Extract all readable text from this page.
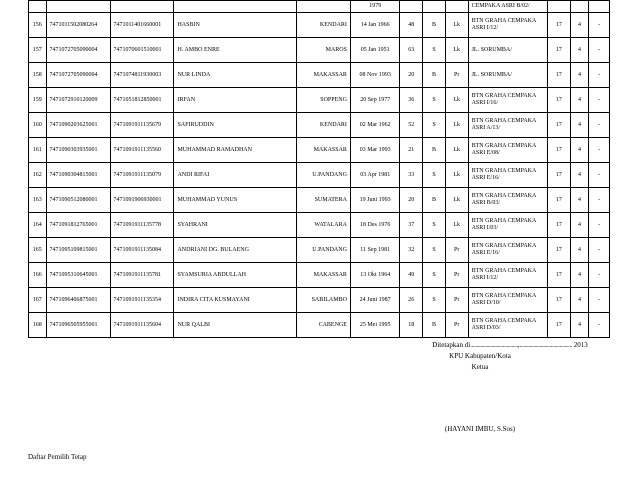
					1979				CEMPAKA ASRI B/02/			
156	7471011502080264	7471011401660001	HASBIN	KENDARI	14 Jan 1966	48	B	Lk	BTN GRAHA CEMPAKA ASRI I/12/	17	4	-
157	7471072705090004	7471070601510001	H. AMBO ENRE	MAROS	05 Jan 1951	63	S	Lk	JL. SORUMBA/	17	4	-
158	7471072705090004	7471074811930003	NUR LINDA	MAKASSAR	08 Nov 1993	20	B	Pr	JL. SORUMBA/	17	4	-
159	7471072910120009	7471051812850001	IRFAN	SOPPENG	20 Sep 1977	36	S	Lk	BTN GRAHA CEMPAKA ASRI I/16/	17	4	-
160	7471090203625001	7471091911135679	SAFIRUDDIN	KENDARI	02 Mar 1962	52	S	Lk	BTN GRAHA CEMPAKA ASRI A/13/	17	4	-
161	7471090303935001	7471091911135560	MUHAMMAD RAMADHAN	MAKASSAR	03 Mar 1993	21	B	Lk	BTN GRAHA CEMPAKA ASRI E/08/	17	4	-
162	7471090304815001	7471091911135079	ANDI RIFAI	U.PANDANG	03 Apr 1981	33	S	Lk	BTN GRAHA CEMPAKA ASRI E/16/	17	4	-
163	7471090512080001	7471091906930001	MUHAMMAD YUNUS	SUMATERA	19 Juni 1993	20	B	Lk	BTN GRAHA CEMPAKA ASRI B/03/	17	4	-
164	7471091812765001	7471091911135778	SYAHRANI	WATALARA	18 Des 1976	37	S	Lk	BTN GRAHA CEMPAKA ASRI I/03/	17	4	-
165	7471095109815001	7471091911135084	ANDRIANI DG. BULAENG	U.PANDANG	11 Sep 1981	32	S	Pr	BTN GRAHA CEMPAKA ASRI E/16/	17	4	-
166	7471095310645001	7471091911135781	SYAMSURIA ABDULLAH	MAKASSAR	13 Okt 1964	49	S	Pr	BTN GRAHA CEMPAKA ASRI I/12/	17	4	-
167	7471096406875001	7471091911135354	INDIRA CITA KUSMAYANI	SABILAMBO	24 Juni 1987	26	S	Pr	BTN GRAHA CEMPAKA ASRI D/10/	17	4	-
168	7471096505955001	7471091911135604	NUR QALBI	CABENGE	25 Mei 1995	18	B	Pr	BTN GRAHA CEMPAKA ASRI D/03/	17	4	-
Ditetapkan di......................................,.......................................... 2013
KPU Kabupaten/Kota
Ketua
(HAYANI IMBU, S.Sos)
Daftar Pemilih Tetap
